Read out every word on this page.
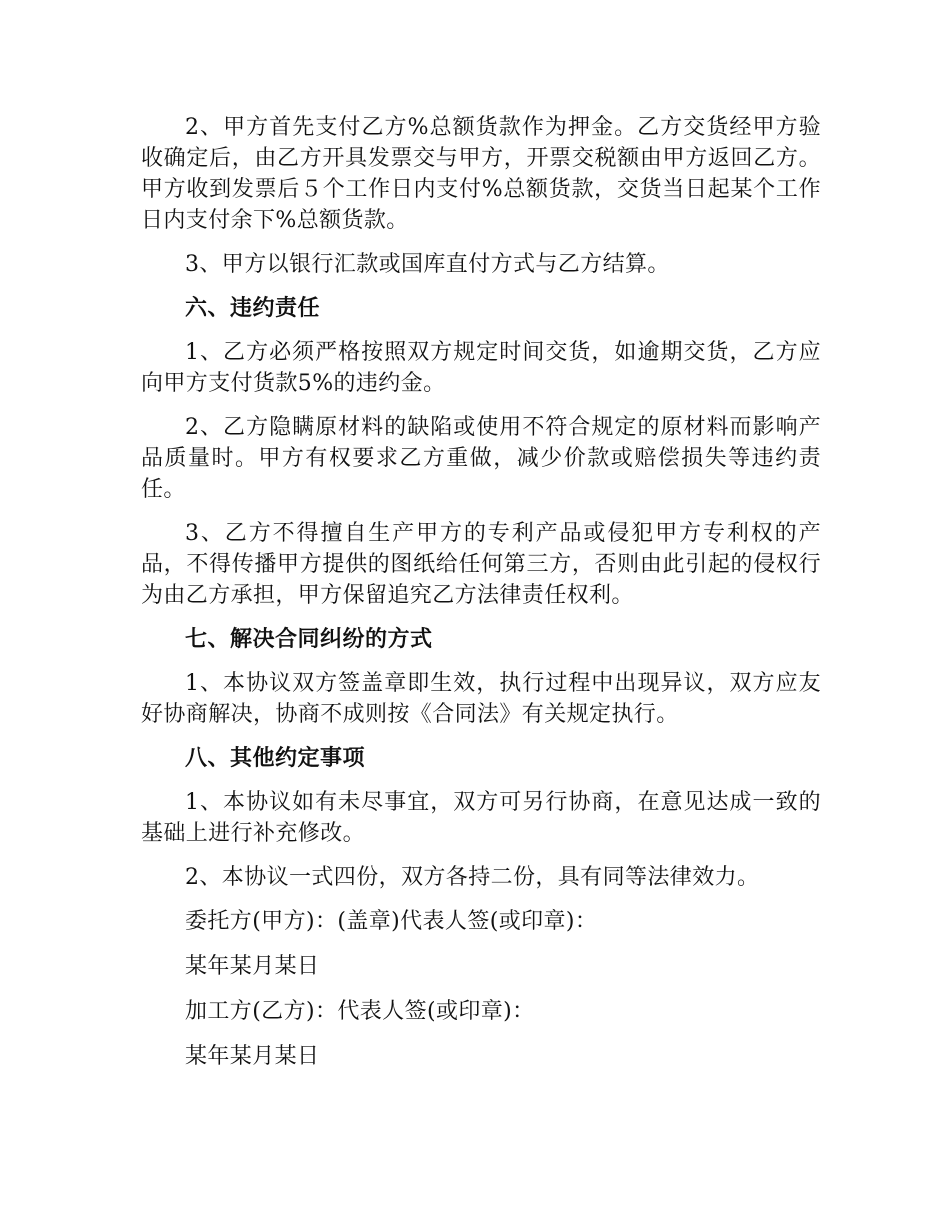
2、甲方首先支付乙方%总额货款作为押金。乙方交货经甲方验收确定后，由乙方开具发票交与甲方，开票交税额由甲方返回乙方。甲方收到发票后５个工作日内支付%总额货款，交货当日起某个工作日内支付余下%总额货款。

3、甲方以银行汇款或国库直付方式与乙方结算。

六、违约责任

1、乙方必须严格按照双方规定时间交货，如逾期交货，乙方应向甲方支付货款5%的违约金。

2、乙方隐瞒原材料的缺陷或使用不符合规定的原材料而影响产品质量时。甲方有权要求乙方重做，减少价款或赔偿损失等违约责任。

3、乙方不得擅自生产甲方的专利产品或侵犯甲方专利权的产品，不得传播甲方提供的图纸给任何第三方，否则由此引起的侵权行为由乙方承担，甲方保留追究乙方法律责任权利。

七、解决合同纠纷的方式

1、本协议双方签盖章即生效，执行过程中出现异议，双方应友好协商解决，协商不成则按《合同法》有关规定执行。

八、其他约定事项

1、本协议如有未尽事宜，双方可另行协商，在意见达成一致的基础上进行补充修改。

2、本协议一式四份，双方各持二份，具有同等法律效力。

委托方(甲方)：(盖章)代表人签(或印章)：

某年某月某日

加工方(乙方)：代表人签(或印章)：

某年某月某日
